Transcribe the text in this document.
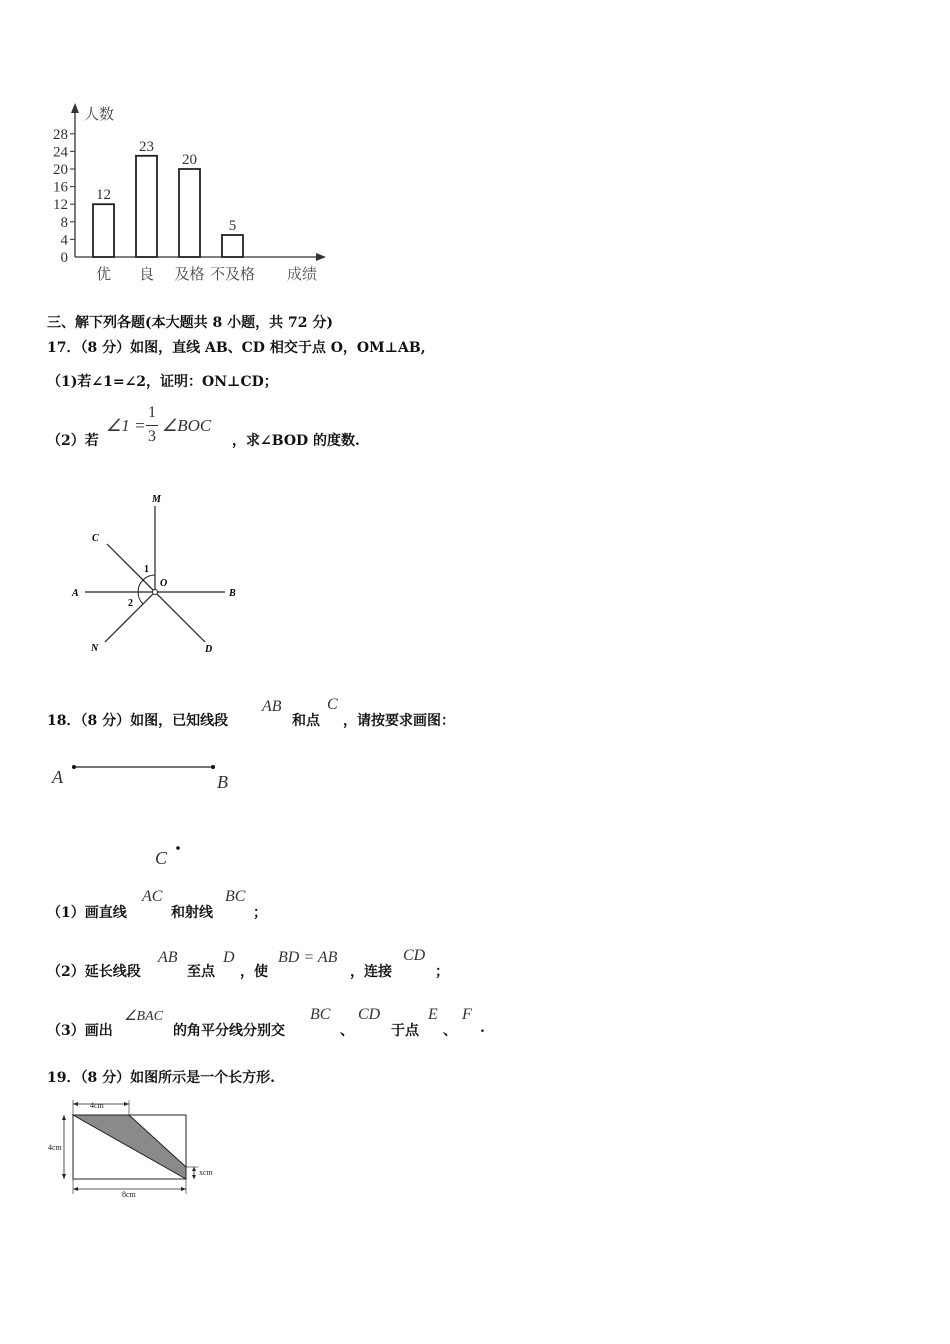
人数
0
4
8
12
16
20
24
28
12
优
23
良
20
及格
5
不及格 成绩
三、解下列各题(本大题共 8 小题，共 72 分)
17．（8 分）如图，直线 AB、CD 相交于点 O，OM⊥AB,
（1)若∠1=∠2，证明：ON⊥CD；
（2）若
∠1 =
1
3
∠BOC
，求∠BOD 的度数.
M
C
O
A	B
N	D
1
2
18．（8 分）如图，已知线段
AB
和点
C
，请按要求画图：
A	B
C
（1）画直线
AC
和射线
BC
；
（2）延长线段
AB
至点
D
，使
BD = AB
，连接
CD
；
（3）画出
∠BAC
的角平分线分别交
BC
、
CD
于点
E
、
F
.
19．（8 分）如图所示是一个长方形.
4cm
4cm
8cm
xcm
